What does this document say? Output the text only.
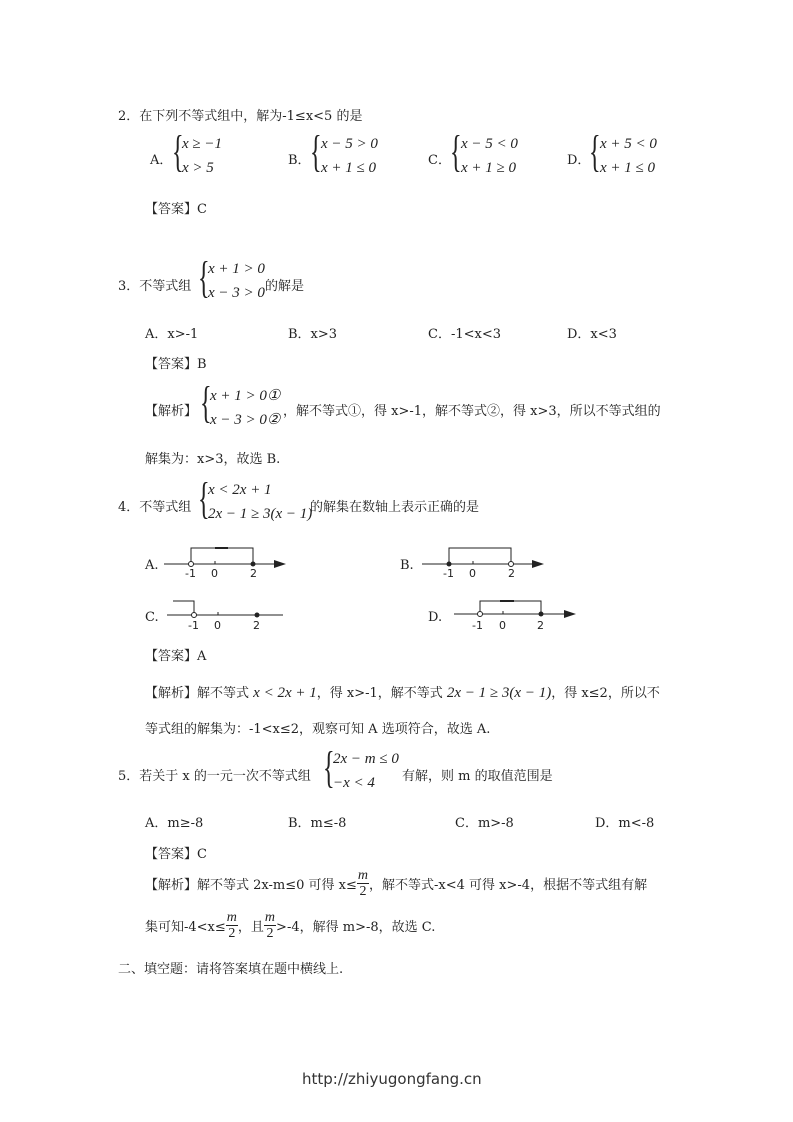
2．在下列不等式组中，解为-1≤x<5 的是
A． {
x ≥ −1
x > 5	B． { x − 5 > 0
x + 1 ≤ 0	C． { x − 5 < 0
x + 1 ≥ 0	D．
{ x + 5 < 0
x + 1 ≤ 0
【答案】C
3．不等式组 {
x + 1 > 0
x − 3 > 0 的解是
A．x>-1	B．x>3	C．-1<x<3	D．x<3
【答案】B
【解析】 {
x + 1 > 0①
x − 3 > 0②
，解不等式①，得 x>-1，解不等式②，得 x>3，所以不等式组的
解集为：x>3，故选 B.
4．不等式组 {
x < 2x + 1
2x − 1 ≥ 3(x − 1)
的解集在数轴上表示正确的是
A.
-1 0	2
B.
-1 0	2
C.
-1 0	2
D.
-1 0	2
【答案】A
【解析】解不等式 x < 2x + 1，得 x>-1，解不等式 2x − 1 ≥ 3(x − 1)，得 x≤2，所以不
等式组的解集为：-1<x≤2，观察可知 A 选项符合，故选 A.
5．若关于 x 的一元一次不等式组 {
2x − m ≤ 0
−x < 4 有解，则 m 的取值范围是
A．m≥-8	B．m≤-8	C．m>-8	D．m<-8
【答案】C
【解析】 解不等式 2x-m≤0 可得 $x\le \frac{m}{2}$ ，解不等式-x<4 可得 x>-4，根据不等式组有解
集可知$-4<x\le \frac{m}{2}$ ，且 $\frac{m}{2} >-4$，解得 m>-8，故选 C.
二、填空题：请将答案填在题中横线上.
http://zhiyugongfang.cn
